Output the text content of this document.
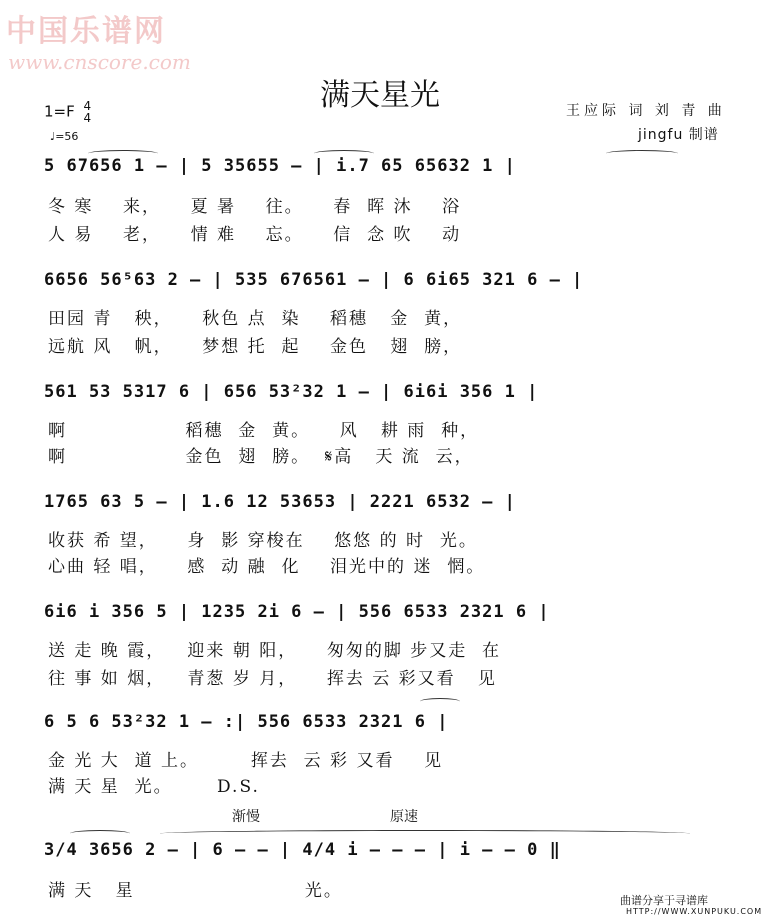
中国乐谱网
www.cnscore.com
满天星光	王应际 词 刘 青 曲
jingfu 制谱
1=F 4
4
♩=56
5 67656 1 – | 5 35655 – | i.7 65 65632 1 |
冬 寒    来，    夏 暑    往。    春  晖 沐    浴
人 易    老，    情 难    忘。    信  念 吹    动
6656 56⁵63 2 – | 535 676561 – | 6 6i65 321 6 – |
田园 青   秧，    秋色 点  染    稻穗   金  黄，
远航 风   帆，    梦想 托  起    金色   翅  膀，
561 53 5317 6 | 656 53²32 1 – | 6i6i 356 1 |
啊                稻穗  金  黄。    风   耕 雨  种，
啊                金色  翅  膀。  𝄋高   天 流  云，
1765 63 5 – | 1.6 12 53653 | 2221 6532 – |
收获 希 望，    身  影 穿梭在    悠悠 的 时  光。
心曲 轻 唱，    感  动 融  化    泪光中的 迷  惘。
6i6 i 356 5 | 1235 2i 6 – | 556 6533 2321 6 |
送 走 晚 霞，   迎来 朝 阳，    匆匆的脚 步又走  在
往 事 如 烟，   青葱 岁 月，    挥去 云 彩又看   见
6 5 6 53²32 1 – :| 556 6533 2321 6 |
金 光 大  道 上。       挥去  云 彩 又看    见
满 天 星  光。      D.S.
渐慢	原速
3/4 3656 2 – | 6 – – | 4/4 i – – – | i – – 0 ‖
满 天   星                       光。	曲谱分享于寻谱库
HTTP://WWW.XUNPUKU.COM
